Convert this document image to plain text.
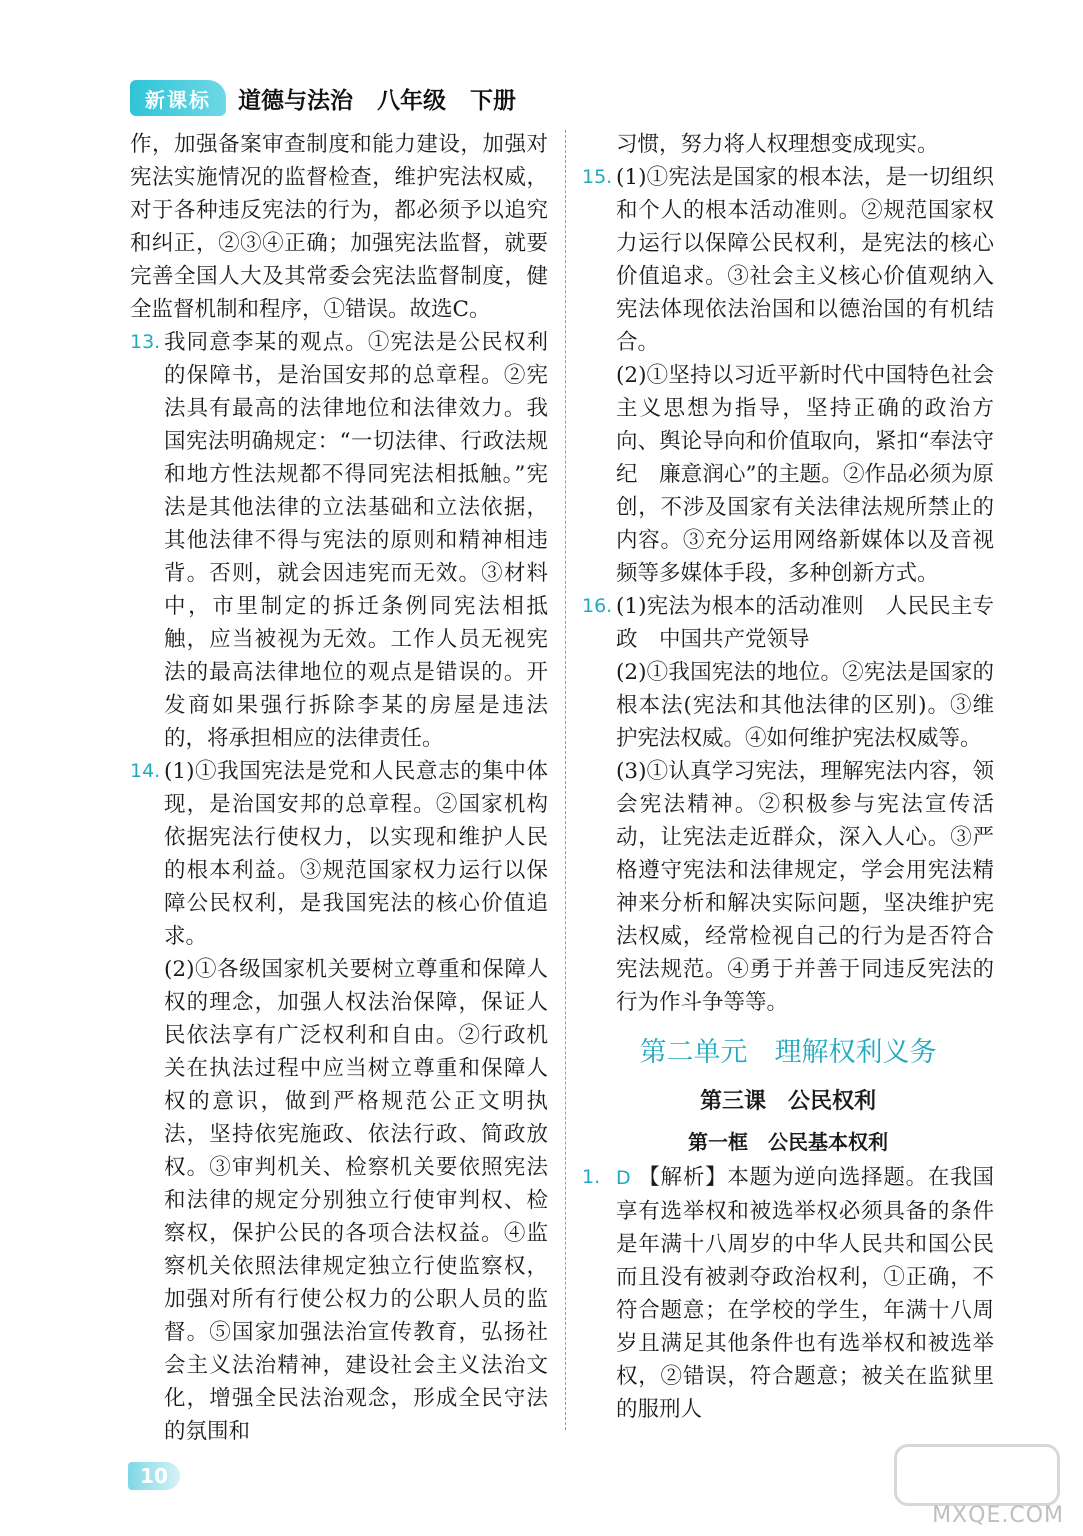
新课标	道德与法治   八年级   下册

作，加强备案审查制度和能力建设，加强对宪法实施情况的监督检查，维护宪法权威，对于各种违反宪法的行为，都必须予以追究和纠正，②③④正确；加强宪法监督，就要完善全国人大及其常委会宪法监督制度，健全监督机制和程序，①错误。故选C。

13. 我同意李某的观点。①宪法是公民权利的保障书，是治国安邦的总章程。②宪法具有最高的法律地位和法律效力。我国宪法明确规定：“一切法律、行政法规和地方性法规都不得同宪法相抵触。”宪法是其他法律的立法基础和立法依据，其他法律不得与宪法的原则和精神相违背。否则，就会因违宪而无效。③材料中，市里制定的拆迁条例同宪法相抵触，应当被视为无效。工作人员无视宪法的最高法律地位的观点是错误的。开发商如果强行拆除李某的房屋是违法的，将承担相应的法律责任。

14. (1)①我国宪法是党和人民意志的集中体现，是治国安邦的总章程。②国家机构依据宪法行使权力，以实现和维护人民的根本利益。③规范国家权力运行以保障公民权利，是我国宪法的核心价值追求。

(2)①各级国家机关要树立尊重和保障人权的理念，加强人权法治保障，保证人民依法享有广泛权利和自由。②行政机关在执法过程中应当树立尊重和保障人权的意识，做到严格规范公正文明执法，坚持依宪施政、依法行政、简政放权。③审判机关、检察机关要依照宪法和法律的规定分别独立行使审判权、检察权，保护公民的各项合法权益。④监察机关依照法律规定独立行使监察权，加强对所有行使公权力的公职人员的监督。⑤国家加强法治宣传教育，弘扬社会主义法治精神，建设社会主义法治文化，增强全民法治观念，形成全民守法的氛围和

习惯，努力将人权理想变成现实。

15. (1)①宪法是国家的根本法，是一切组织和个人的根本活动准则。②规范国家权力运行以保障公民权利，是宪法的核心价值追求。③社会主义核心价值观纳入宪法体现依法治国和以德治国的有机结合。

(2)①坚持以习近平新时代中国特色社会主义思想为指导，坚持正确的政治方向、舆论导向和价值取向，紧扣“奉法守纪　廉意润心”的主题。②作品必须为原创，不涉及国家有关法律法规所禁止的内容。③充分运用网络新媒体以及音视频等多媒体手段，多种创新方式。

16. (1)宪法为根本的活动准则　人民民主专政　中国共产党领导

(2)①我国宪法的地位。②宪法是国家的根本法(宪法和其他法律的区别)。③维护宪法权威。④如何维护宪法权威等。

(3)①认真学习宪法，理解宪法内容，领会宪法精神。②积极参与宪法宣传活动，让宪法走近群众，深入人心。③严格遵守宪法和法律规定，学会用宪法精神来分析和解决实际问题，坚决维护宪法权威，经常检视自己的行为是否符合宪法规范。④勇于并善于同违反宪法的行为作斗争等等。

第二单元　理解权利义务
第三课　公民权利
第一框　公民基本权利
1. D 【解析】本题为逆向选择题。在我国享有选举权和被选举权必须具备的条件是年满十八周岁的中华人民共和国公民而且没有被剥夺政治权利，①正确，不符合题意；在学校的学生，年满十八周岁且满足其他条件也有选举权和被选举权，②错误，符合题意；被关在监狱里的服刑人

10
MXQE.COM
